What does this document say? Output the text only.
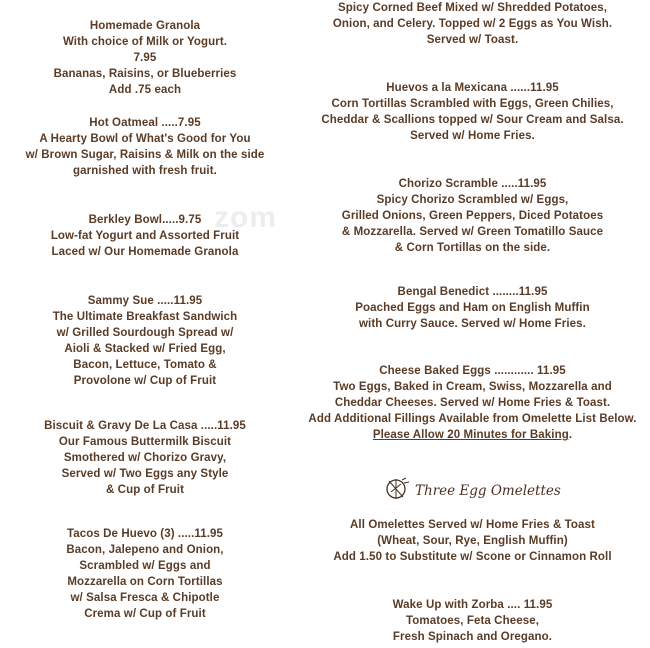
zom
Homemade Granola
With choice of Milk or Yogurt.
7.95
Bananas, Raisins, or Blueberries
Add .75 each
Hot Oatmeal .....7.95
A Hearty Bowl of What's Good for You
w/ Brown Sugar, Raisins & Milk on the side
garnished with fresh fruit.
Berkley Bowl.....9.75
Low-fat Yogurt and Assorted Fruit
Laced w/ Our Homemade Granola
Sammy Sue .....11.95
The Ultimate Breakfast Sandwich
w/ Grilled Sourdough Spread w/
Aioli & Stacked w/ Fried Egg,
Bacon, Lettuce, Tomato &
Provolone w/ Cup of Fruit
Biscuit & Gravy De La Casa .....11.95
Our Famous Buttermilk Biscuit
Smothered w/ Chorizo Gravy,
Served w/ Two Eggs any Style
& Cup of Fruit
Tacos De Huevo (3) .....11.95
Bacon, Jalepeno and Onion,
Scrambled w/ Eggs and
Mozzarella on Corn Tortillas
w/ Salsa Fresca & Chipotle
Crema w/ Cup of Fruit
Spicy Corned Beef Mixed w/ Shredded Potatoes,
Onion, and Celery. Topped w/ 2 Eggs as You Wish.
Served w/ Toast.
Huevos a la Mexicana ......11.95
Corn Tortillas Scrambled with Eggs, Green Chilies,
Cheddar & Scallions topped w/ Sour Cream and Salsa.
Served w/ Home Fries.
Chorizo Scramble .....11.95
Spicy Chorizo Scrambled w/ Eggs,
Grilled Onions, Green Peppers, Diced Potatoes
& Mozzarella. Served w/ Green Tomatillo Sauce
& Corn Tortillas on the side.
Bengal Benedict ........11.95
Poached Eggs and Ham on English Muffin
with Curry Sauce. Served w/ Home Fries.
Cheese Baked Eggs ............ 11.95
Two Eggs, Baked in Cream, Swiss, Mozzarella and
Cheddar Cheeses. Served w/ Home Fries & Toast.
Add Additional Fillings Available from Omelette List Below.
Please Allow 20 Minutes for Baking.
All Omelettes Served w/ Home Fries & Toast
(Wheat, Sour, Rye, English Muffin)
Add 1.50 to Substitute w/ Scone or Cinnamon Roll
Wake Up with Zorba .... 11.95
Tomatoes, Feta Cheese,
Fresh Spinach and Oregano.
Three Egg Omelettes
